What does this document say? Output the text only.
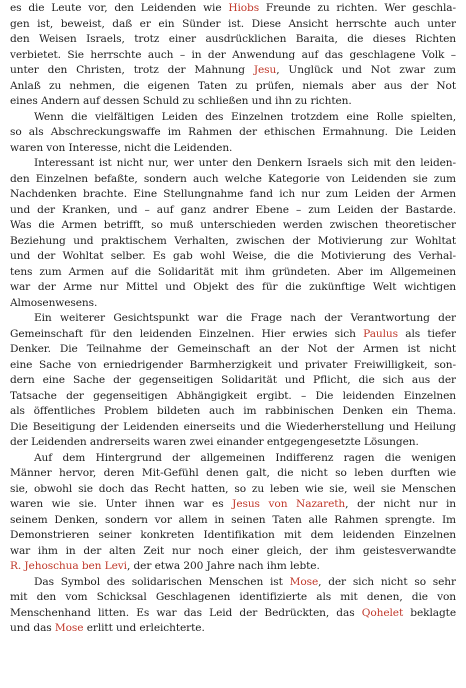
es die Leute vor, den Leidenden wie Hiobs Freunde zu richten. Wer geschla-
gen ist, beweist, daß er ein Sünder ist. Diese Ansicht herrschte auch unter
den Weisen Israels, trotz einer ausdrücklichen Baraita, die dieses Richten
verbietet. Sie herrschte auch – in der Anwendung auf das geschlagene Volk –
unter den Christen, trotz der Mahnung Jesu, Unglück und Not zwar zum
Anlaß zu nehmen, die eigenen Taten zu prüfen, niemals aber aus der Not
eines Andern auf dessen Schuld zu schließen und ihn zu richten.
Wenn die vielfältigen Leiden des Einzelnen trotzdem eine Rolle spielten,
so als Abschreckungswaffe im Rahmen der ethischen Ermahnung. Die Leiden
waren von Interesse, nicht die Leidenden.
Interessant ist nicht nur, wer unter den Denkern Israels sich mit den leiden-
den Einzelnen befaßte, sondern auch welche Kategorie von Leidenden sie zum
Nachdenken brachte. Eine Stellungnahme fand ich nur zum Leiden der Armen
und der Kranken, und – auf ganz andrer Ebene – zum Leiden der Bastarde.
Was die Armen betrifft, so muß unterschieden werden zwischen theoretischer
Beziehung und praktischem Verhalten, zwischen der Motivierung zur Wohltat
und der Wohltat selber. Es gab wohl Weise, die die Motivierung des Verhal-
tens zum Armen auf die Solidarität mit ihm gründeten. Aber im Allgemeinen
war der Arme nur Mittel und Objekt des für die zukünftige Welt wichtigen
Almosenwesens.
Ein weiterer Gesichtspunkt war die Frage nach der Verantwortung der
Gemeinschaft für den leidenden Einzelnen. Hier erwies sich Paulus als tiefer
Denker. Die Teilnahme der Gemeinschaft an der Not der Armen ist nicht
eine Sache von erniedrigender Barmherzigkeit und privater Freiwilligkeit, son-
dern eine Sache der gegenseitigen Solidarität und Pflicht, die sich aus der
Tatsache der gegenseitigen Abhängigkeit ergibt. – Die leidenden Einzelnen
als öffentliches Problem bildeten auch im rabbinischen Denken ein Thema.
Die Beseitigung der Leidenden einerseits und die Wiederherstellung und Heilung
der Leidenden andrerseits waren zwei einander entgegengesetzte Lösungen.
Auf dem Hintergrund der allgemeinen Indifferenz ragen die wenigen
Männer hervor, deren Mit-Gefühl denen galt, die nicht so leben durften wie
sie, obwohl sie doch das Recht hatten, so zu leben wie sie, weil sie Menschen
waren wie sie. Unter ihnen war es Jesus von Nazareth, der nicht nur in
seinem Denken, sondern vor allem in seinen Taten alle Rahmen sprengte. Im
Demonstrieren seiner konkreten Identifikation mit dem leidenden Einzelnen
war ihm in der alten Zeit nur noch einer gleich, der ihm geistesverwandte
R. Jehoschua ben Levi, der etwa 200 Jahre nach ihm lebte.
Das Symbol des solidarischen Menschen ist Mose, der sich nicht so sehr
mit den vom Schicksal Geschlagenen identifizierte als mit denen, die von
Menschenhand litten. Es war das Leid der Bedrückten, das Qohelet beklagte
und das Mose erlitt und erleichterte.
